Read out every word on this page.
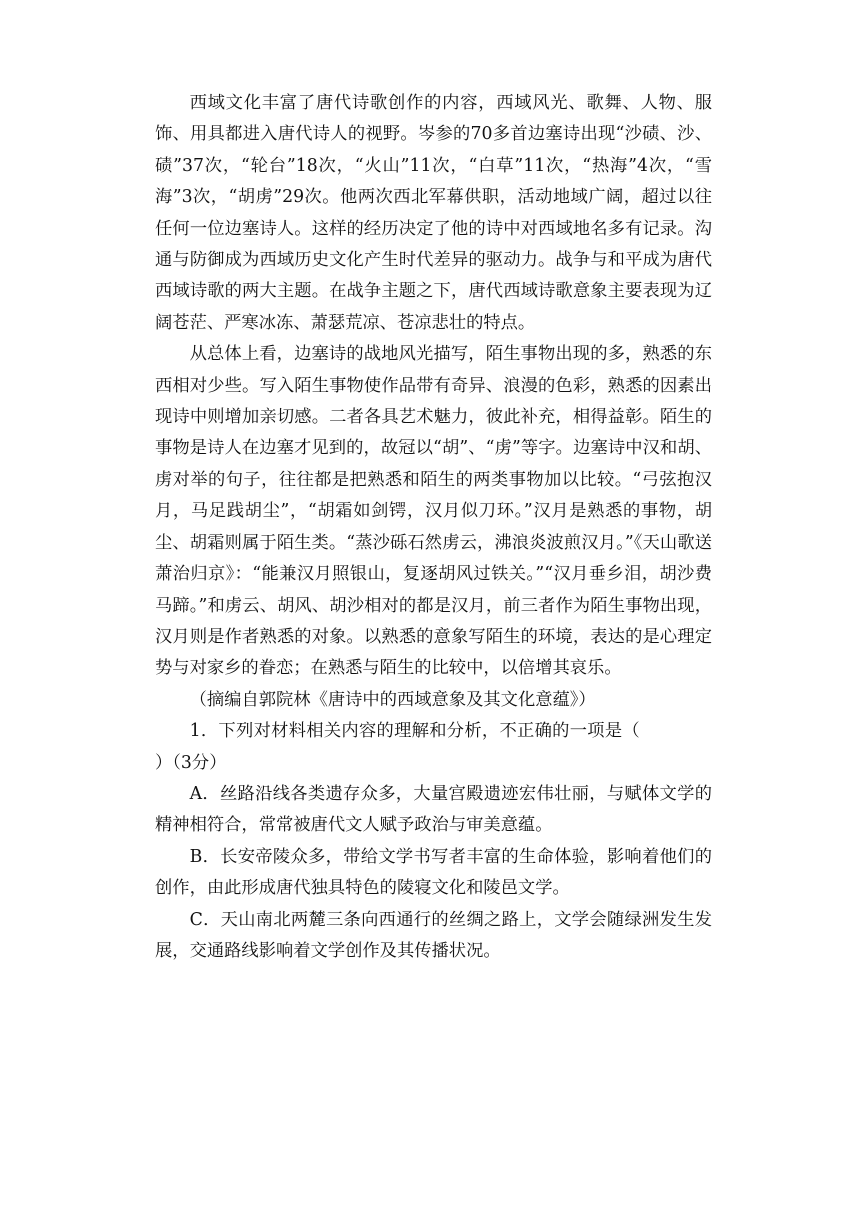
西域文化丰富了唐代诗歌创作的内容，西域风光、歌舞、人物、服饰、用具都进入唐代诗人的视野。岑参的70多首边塞诗出现“沙碛、沙、碛”37次，“轮台”18次，“火山”11次，“白草”11次，“热海”4次，“雪海”3次，“胡虏”29次。他两次西北军幕供职，活动地域广阔，超过以往任何一位边塞诗人。这样的经历决定了他的诗中对西域地名多有记录。沟通与防御成为西域历史文化产生时代差异的驱动力。战争与和平成为唐代西域诗歌的两大主题。在战争主题之下，唐代西域诗歌意象主要表现为辽阔苍茫、严寒冰冻、萧瑟荒凉、苍凉悲壮的特点。

从总体上看，边塞诗的战地风光描写，陌生事物出现的多，熟悉的东西相对少些。写入陌生事物使作品带有奇异、浪漫的色彩，熟悉的因素出现诗中则增加亲切感。二者各具艺术魅力，彼此补充，相得益彰。陌生的事物是诗人在边塞才见到的，故冠以“胡”、“虏”等字。边塞诗中汉和胡、虏对举的句子，往往都是把熟悉和陌生的两类事物加以比较。“弓弦抱汉月，马足践胡尘”，“胡霜如剑锷，汉月似刀环。”汉月是熟悉的事物，胡尘、胡霜则属于陌生类。“蒸沙砾石然虏云，沸浪炎波煎汉月。”《天山歌送萧治归京》：“能兼汉月照银山，复逐胡风过铁关。”“汉月垂乡泪，胡沙费马蹄。”和虏云、胡风、胡沙相对的都是汉月，前三者作为陌生事物出现，汉月则是作者熟悉的对象。以熟悉的意象写陌生的环境，表达的是心理定势与对家乡的眷恋；在熟悉与陌生的比较中，以倍增其哀乐。

（摘编自郭院林《唐诗中的西域意象及其文化意蕴》）

1．下列对材料相关内容的理解和分析，不正确的一项是（）（3分）

A．丝路沿线各类遗存众多，大量宫殿遗迹宏伟壮丽，与赋体文学的精神相符合，常常被唐代文人赋予政治与审美意蕴。

B．长安帝陵众多，带给文学书写者丰富的生命体验，影响着他们的创作，由此形成唐代独具特色的陵寝文化和陵邑文学。

C．天山南北两麓三条向西通行的丝绸之路上，文学会随绿洲发生发展，交通路线影响着文学创作及其传播状况。
